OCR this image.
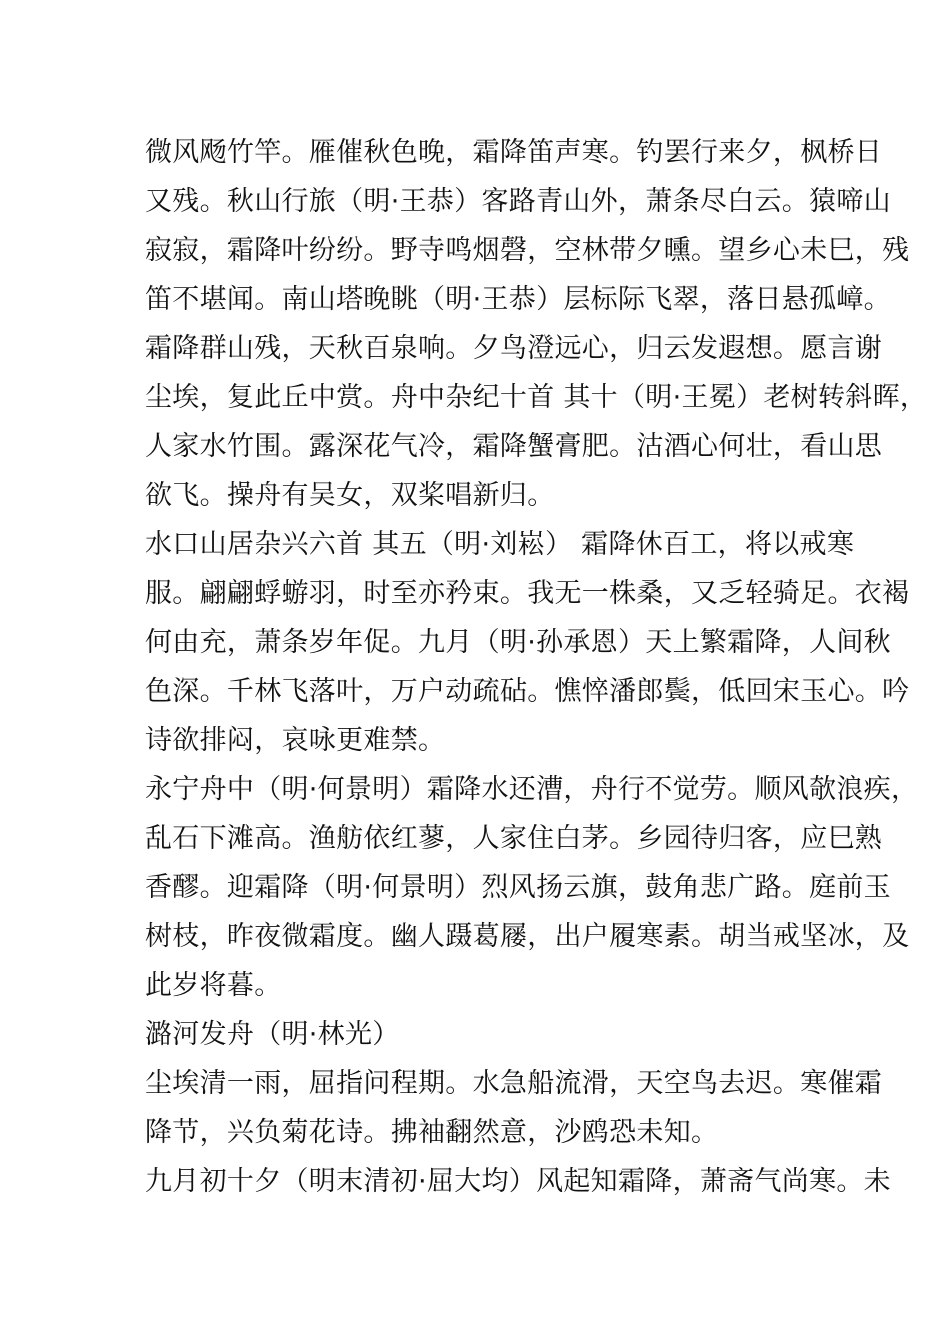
微风飏竹竿。雁催秋色晚，霜降笛声寒。钓罢行来夕，枫桥日
又残。秋山行旅（明·王恭）客路青山外，萧条尽白云。猿啼山
寂寂，霜降叶纷纷。野寺鸣烟磬，空林带夕曛。望乡心未巳，残
笛不堪闻。南山塔晚眺（明·王恭）层标际飞翠，落日悬孤嶂。
霜降群山残，天秋百泉响。夕鸟澄远心，归云发遐想。愿言谢
尘埃，复此丘中赏。舟中杂纪十首 其十（明·王冕）老树转斜晖，
人家水竹围。露深花气冷，霜降蟹膏肥。沽酒心何壮，看山思
欲飞。操舟有吴女，双桨唱新归。
水口山居杂兴六首 其五（明·刘崧） 霜降休百工，将以戒寒
服。翩翩蜉蝣羽，时至亦矜束。我无一株桑，又乏轻骑足。衣褐
何由充，萧条岁年促。九月（明·孙承恩）天上繁霜降，人间秋
色深。千林飞落叶，万户动疏砧。憔悴潘郎鬓，低回宋玉心。吟
诗欲排闷，哀咏更难禁。
永宁舟中（明·何景明）霜降水还漕，舟行不觉劳。顺风欹浪疾，
乱石下滩高。渔舫依红蓼，人家住白茅。乡园待归客，应巳熟
香醪。迎霜降（明·何景明）烈风扬云旗，鼓角悲广路。庭前玉
树枝，昨夜微霜度。幽人蹑葛屦，出户履寒素。胡当戒坚冰，及
此岁将暮。
潞河发舟（明·林光）
尘埃清一雨，屈指问程期。水急船流滑，天空鸟去迟。寒催霜
降节，兴负菊花诗。拂袖翻然意，沙鸥恐未知。
九月初十夕（明末清初·屈大均）风起知霜降，萧斋气尚寒。未
